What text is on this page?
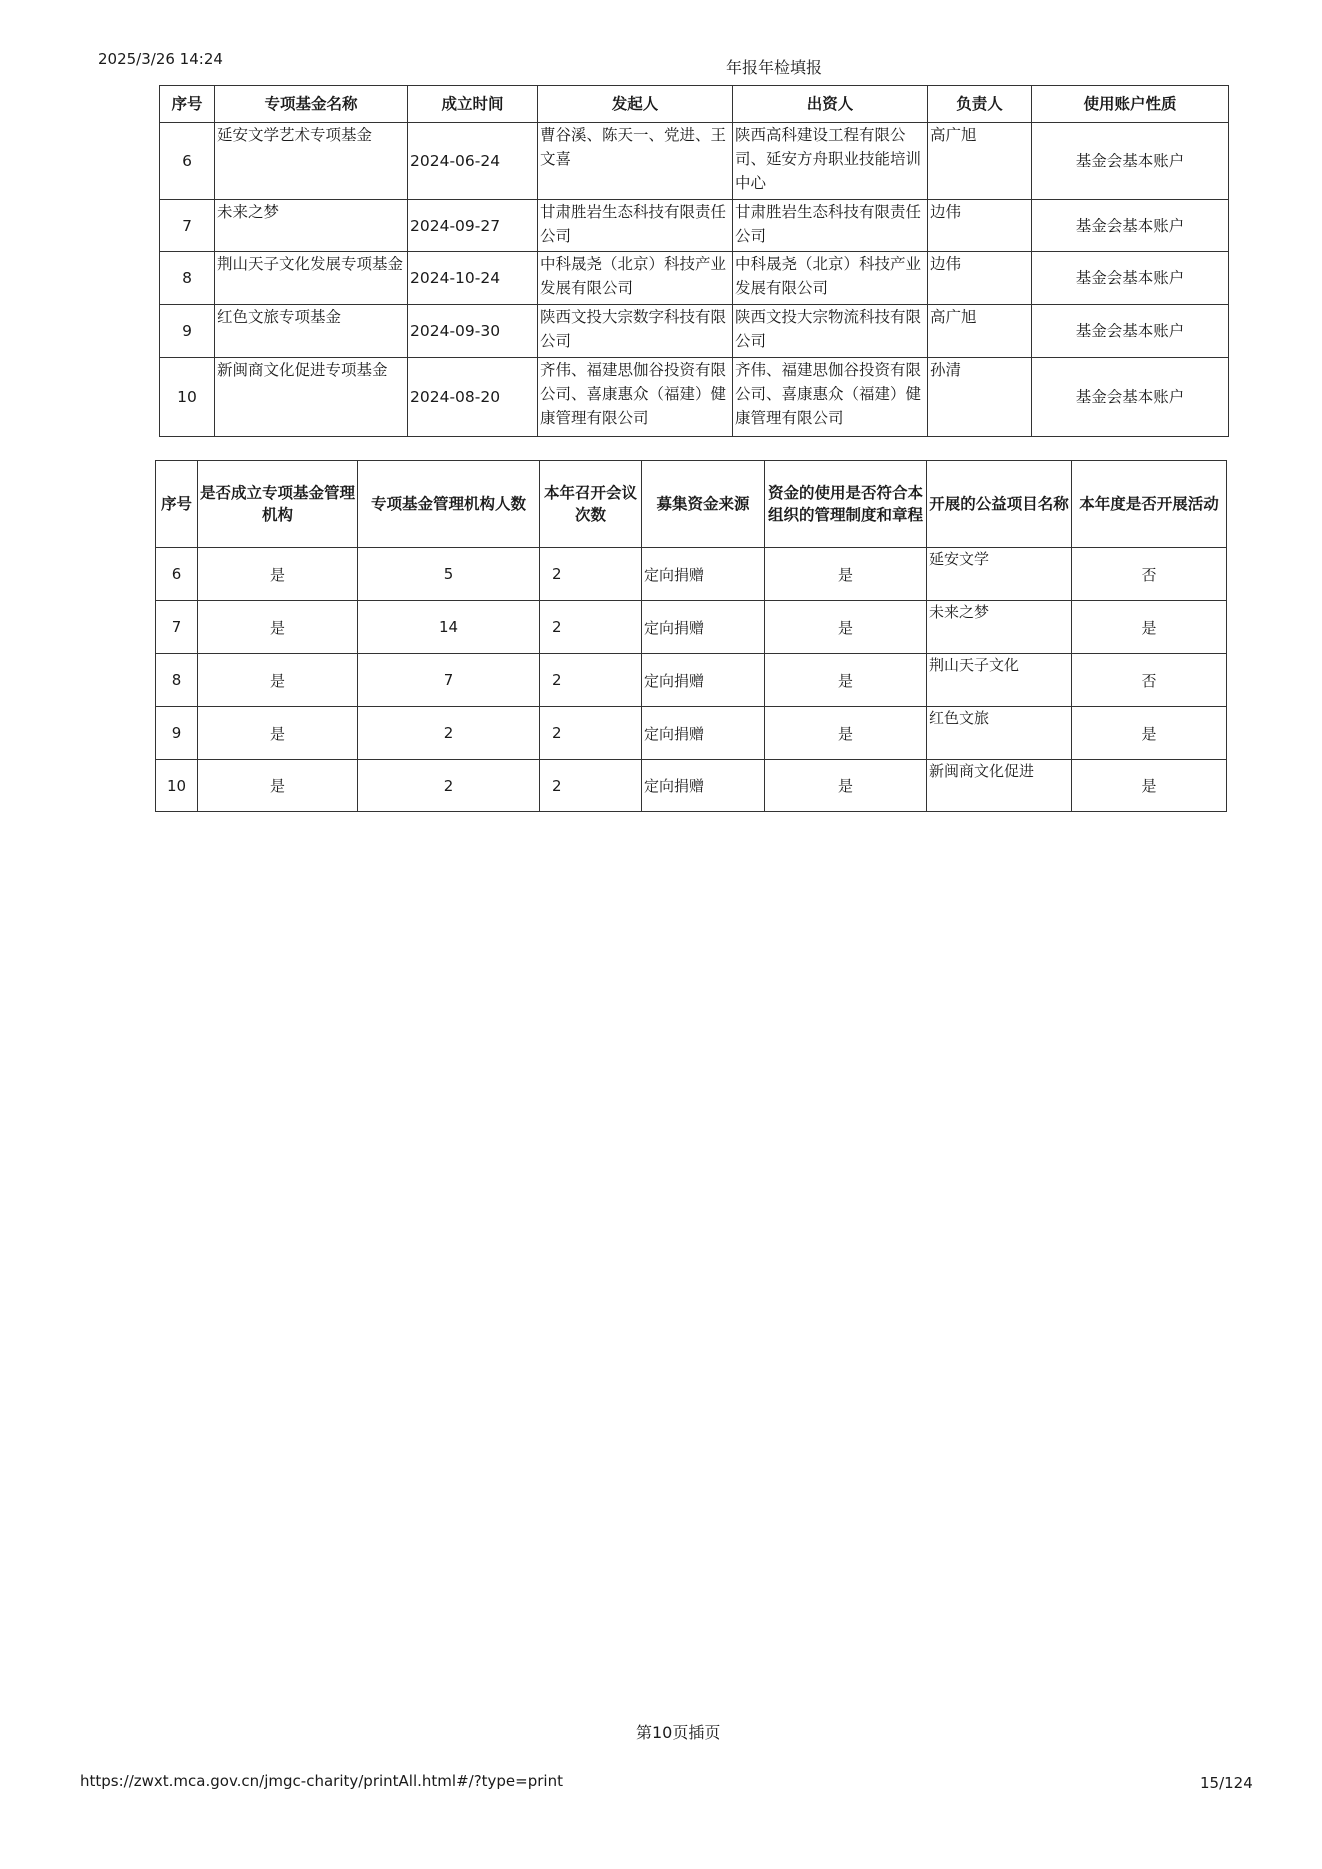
2025/3/26 14:24	年报年检填报
序号	专项基金名称	成立时间	发起人	出资人	负责人	使用账户性质
6	延安文学艺术专项基金	2024-06-24	曹谷溪、陈天一、党进、王文喜	陕西高科建设工程有限公司、延安方舟职业技能培训中心	高广旭	基金会基本账户
7	未来之梦	2024-09-27	甘肃胜岩生态科技有限责任公司	甘肃胜岩生态科技有限责任公司	边伟	基金会基本账户
8	荆山天子文化发展专项基金	2024-10-24	中科晟尧（北京）科技产业发展有限公司	中科晟尧（北京）科技产业发展有限公司	边伟	基金会基本账户
9	红色文旅专项基金	2024-09-30	陕西文投大宗数字科技有限公司	陕西文投大宗物流科技有限公司	高广旭	基金会基本账户
10	新闽商文化促进专项基金	2024-08-20	齐伟、福建思伽谷投资有限公司、喜康惠众（福建）健康管理有限公司	齐伟、福建思伽谷投资有限公司、喜康惠众（福建）健康管理有限公司	孙清	基金会基本账户
序号	是否成立专项基金管理机构	专项基金管理机构人数	本年召开会议次数	募集资金来源	资金的使用是否符合本组织的管理制度和章程	开展的公益项目名称	本年度是否开展活动
6	是	5	2	定向捐赠	是	延安文学	否
7	是	14	2	定向捐赠	是	未来之梦	是
8	是	7	2	定向捐赠	是	荆山天子文化	否
9	是	2	2	定向捐赠	是	红色文旅	是
10	是	2	2	定向捐赠	是	新闽商文化促进	是
第10页插页
https://zwxt.mca.gov.cn/jmgc-charity/printAll.html#/?type=print	15/124
